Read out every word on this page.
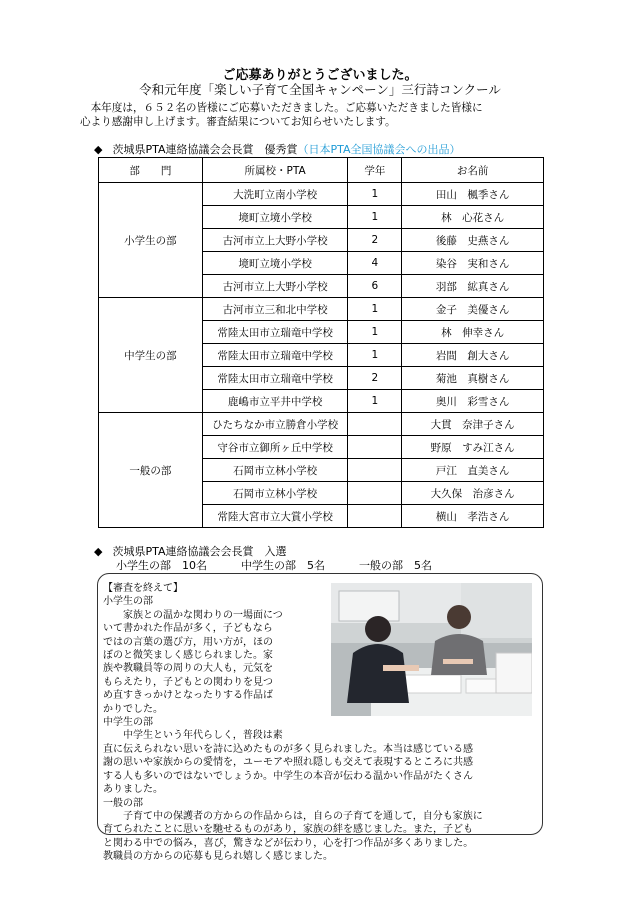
ご応募ありがとうございました。
令和元年度「楽しい子育て全国キャンペーン」三行詩コンクール

本年度は，６５２名の皆様にご応募いただきました。ご応募いただきました皆様に

心より感謝申し上げます。審査結果についてお知らせいたします。

◆ 茨城県PTA連絡協議会会長賞　優秀賞（日本PTA全国協議会への出品）
部　　門	所属校・PTA	学年	お名前
小学生の部	大洗町立南小学校	1	田山　楓季さん
	境町立境小学校	1	林　心花さん
	古河市立上大野小学校	2	後藤　史燕さん
	境町立境小学校	4	染谷　実和さん
	古河市立上大野小学校	6	羽部　絋真さん
中学生の部	古河市立三和北中学校	1	金子　美優さん
	常陸太田市立瑞竜中学校	1	林　伸幸さん
	常陸太田市立瑞竜中学校	1	岩間　創大さん
	常陸太田市立瑞竜中学校	2	菊池　真樹さん
	鹿嶋市立平井中学校	1	奥川　彩雪さん
一般の部	ひたちなか市立勝倉小学校		大貫　奈津子さん
	守谷市立御所ヶ丘中学校		野原　すみ江さん
	石岡市立林小学校		戸江　直美さん
	石岡市立林小学校		大久保　治彦さん
	常陸大宮市立大賞小学校		横山　孝浩さん
◆ 茨城県PTA連絡協議会会長賞　入選
小学生の部　10名	中学生の部　5名	一般の部　5名

【審査を終えて】

小学生の部

家族との温かな関わりの一場面につ

いて書かれた作品が多く，子どもなら

ではの言葉の選び方，用い方が，ほの

ぼのと微笑ましく感じられました。家

族や教職員等の周りの大人も，元気を

もらえたり，子どもとの関わりを見つ

め直すきっかけとなったりする作品ば

かりでした。

中学生の部

中学生という年代らしく，普段は素

直に伝えられない思いを詩に込めたものが多く見られました。本当は感じている感

謝の思いや家族からの愛情を，ユーモアや照れ隠しも交えて表現するところに共感

する人も多いのではないでしょうか。中学生の本音が伝わる温かい作品がたくさん

ありました。

一般の部

子育て中の保護者の方からの作品からは，自らの子育てを通して，自分も家族に

育てられたことに思いを馳せるものがあり，家族の絆を感じました。また，子ども

と関わる中での悩み，喜び，驚きなどが伝わり，心を打つ作品が多くありました。

教職員の方からの応募も見られ嬉しく感じました。
